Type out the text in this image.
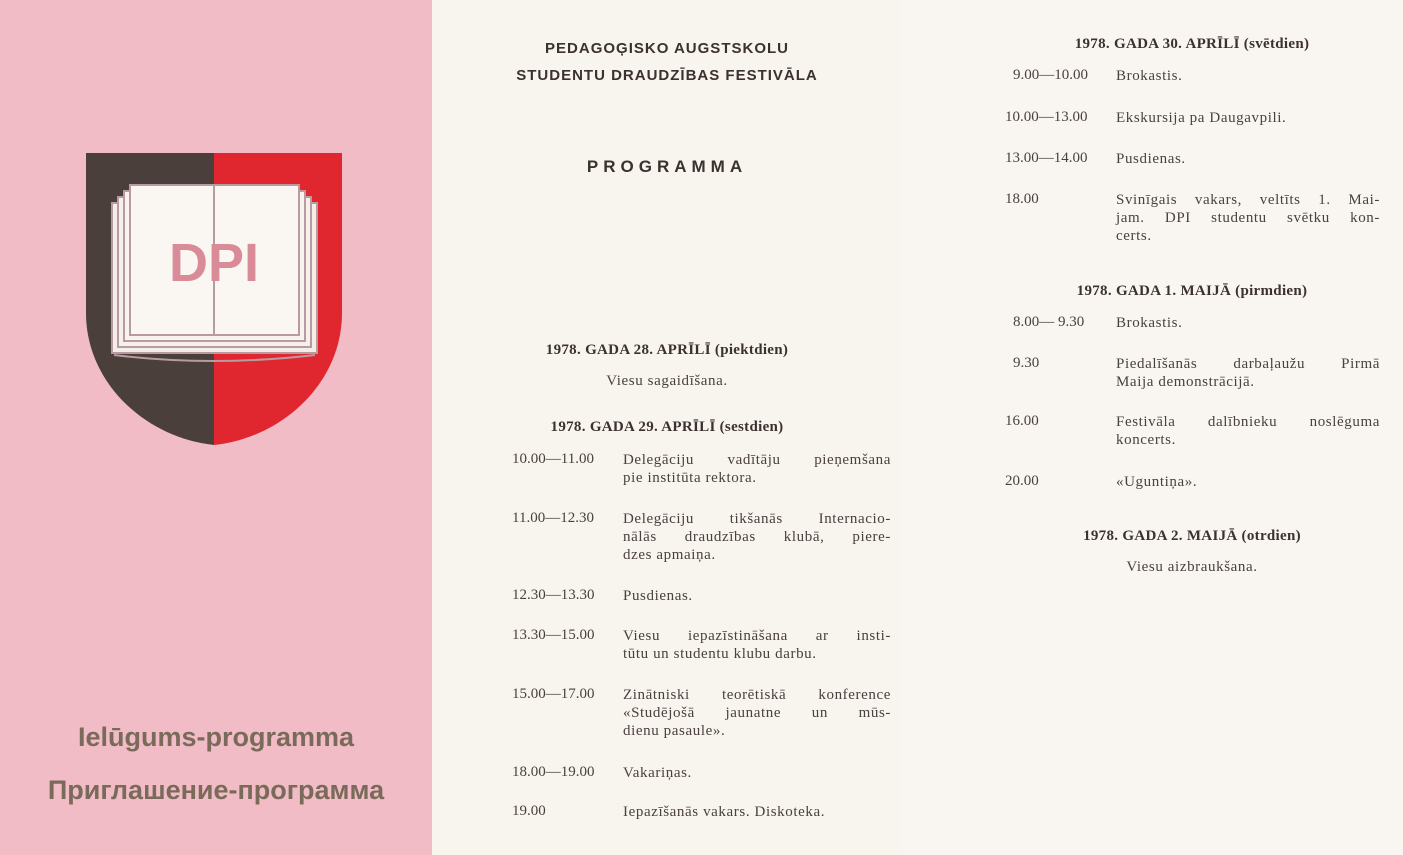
DPI
Ielūgums-programma
Приглашение-программа
PEDAGOĢISKO AUGSTSKOLU
STUDENTU DRAUDZĪBAS FESTIVĀLA
PROGRAMMA
1978. GADA 28. APRĪLĪ (piektdien)
Viesu sagaidīšana.
1978. GADA 29. APRĪLĪ (sestdien)
10.00—11.00 Delegāciju vadītāju pieņemšana
pie institūta rektora.
11.00—12.30 Delegāciju tikšanās Internacio-
nālās draudzības klubā, piere-
dzes apmaiņa.
12.30—13.30 Pusdienas.
13.30—15.00 Viesu iepazīstināšana ar insti-
tūtu un studentu klubu darbu.
15.00—17.00 Zinātniski teorētiskā konference
«Studējošā jaunatne un mūs-
dienu pasaule».
18.00—19.00 Vakariņas.
19.00	Iepazīšanās vakars. Diskoteka.
1978. GADA 30. APRĪLĪ (svētdien)
9.00—10.00 Brokastis.
10.00—13.00 Ekskursija pa Daugavpili.
13.00—14.00 Pusdienas.
18.00	Svinīgais vakars, veltīts 1. Mai-
jam. DPI studentu svētku kon-
certs.
1978. GADA 1. MAIJĀ (pirmdien)
8.00— 9.30 Brokastis.
9.30	Piedalīšanās darbaļaužu Pirmā
Maija demonstrācijā.
16.00	Festivāla dalībnieku noslēguma
koncerts.
20.00	«Uguntiņa».
1978. GADA 2. MAIJĀ (otrdien)
Viesu aizbraukšana.
